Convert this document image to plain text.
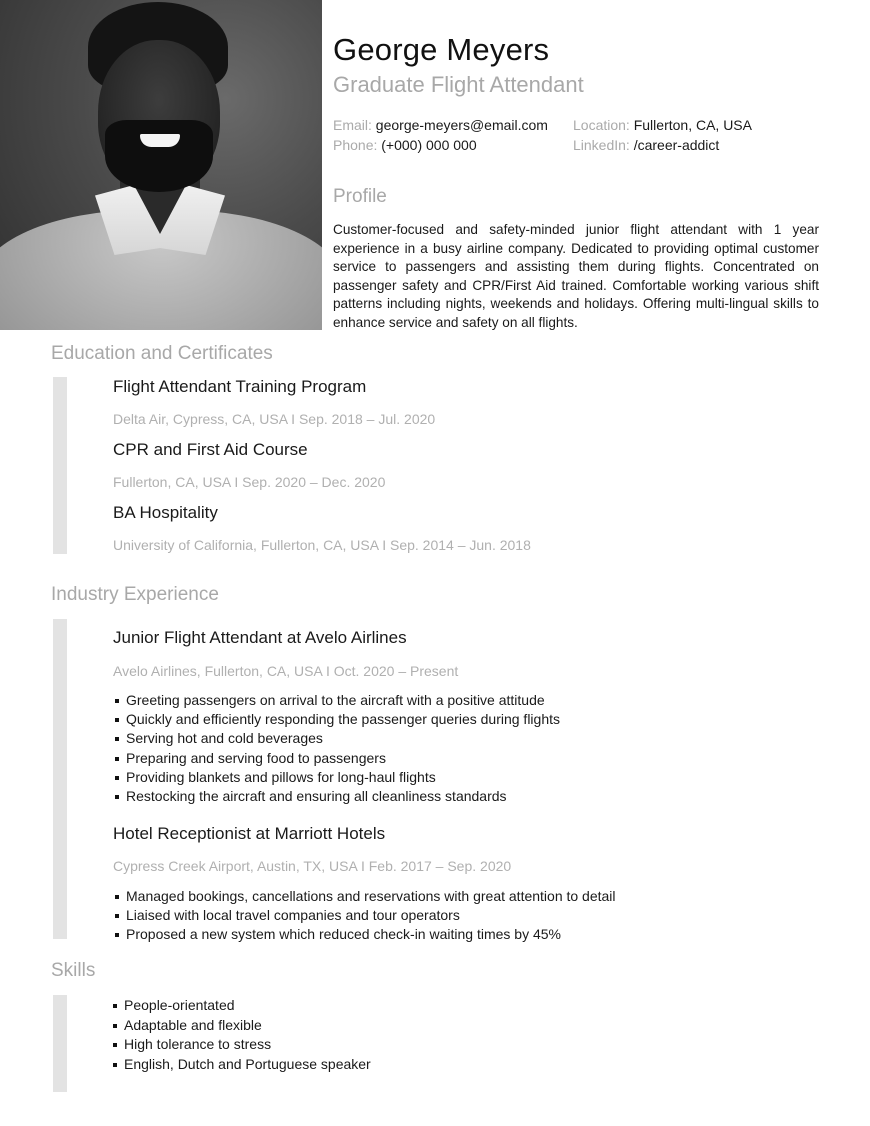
George Meyers
Graduate Flight Attendant
Email: george-meyers@email.com	Location: Fullerton, CA, USA
Phone: (+000) 000 000	LinkedIn: /career-addict
Profile
Customer-focused and safety-minded junior flight attendant with 1 year experience in a busy airline company. Dedicated to providing optimal customer service to passengers and assisting them during flights. Concentrated on passenger safety and CPR/First Aid trained. Comfortable working various shift patterns including nights, weekends and holidays. Offering multi-lingual skills to enhance service and safety on all flights.
Education and Certificates
Flight Attendant Training Program
Delta Air, Cypress, CA, USA I Sep. 2018 – Jul. 2020
CPR and First Aid Course
Fullerton, CA, USA I Sep. 2020 – Dec. 2020
BA Hospitality
University of California, Fullerton, CA, USA I Sep. 2014 – Jun. 2018
Industry Experience
Junior Flight Attendant at Avelo Airlines
Avelo Airlines, Fullerton, CA, USA I Oct. 2020 – Present
Greeting passengers on arrival to the aircraft with a positive attitude
Quickly and efficiently responding the passenger queries during flights
Serving hot and cold beverages
Preparing and serving food to passengers
Providing blankets and pillows for long-haul flights
Restocking the aircraft and ensuring all cleanliness standards
Hotel Receptionist at Marriott Hotels
Cypress Creek Airport, Austin, TX, USA I Feb. 2017 – Sep. 2020
Managed bookings, cancellations and reservations with great attention to detail
Liaised with local travel companies and tour operators
Proposed a new system which reduced check-in waiting times by 45%
Skills
People-orientated
Adaptable and flexible
High tolerance to stress
English, Dutch and Portuguese speaker
